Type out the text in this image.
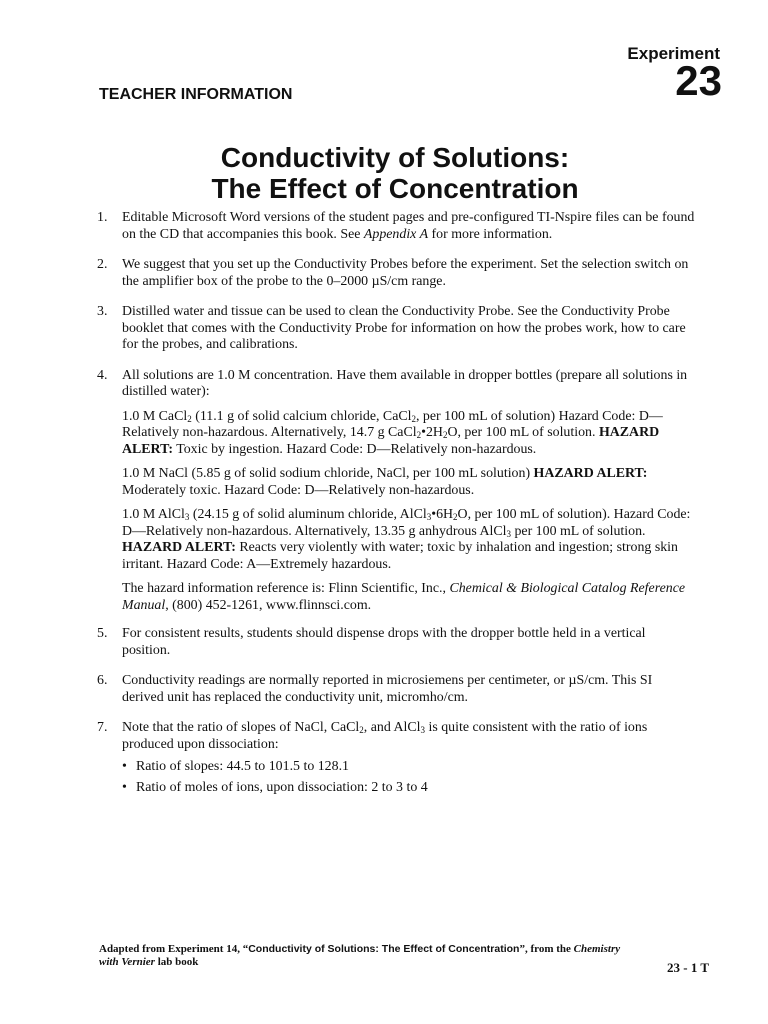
Experiment
23
TEACHER INFORMATION
Conductivity of Solutions:
The Effect of Concentration
1.	Editable Microsoft Word versions of the student pages and pre-configured TI-Nspire files can be found on the CD that accompanies this book. See Appendix A for more information.
2.	We suggest that you set up the Conductivity Probes before the experiment. Set the selection switch on the amplifier box of the probe to the 0–2000 µS/cm range.
3.	Distilled water and tissue can be used to clean the Conductivity Probe. See the Conductivity Probe booklet that comes with the Conductivity Probe for information on how the probes work, how to care for the probes, and calibrations.
4.	All solutions are 1.0 M concentration. Have them available in dropper bottles (prepare all solutions in distilled water):

1.0 M CaCl$_2$ (11.1 g of solid calcium chloride, CaCl$_2$, per 100 mL of solution) Hazard Code: D—Relatively non-hazardous. Alternatively, 14.7 g $CaCl_2•2H_2O$, per 100 mL of solution. HAZARD ALERT: Toxic by ingestion. Hazard Code: D—Relatively non-hazardous.

1.0 M NaCl (5.85 g of solid sodium chloride, NaCl, per 100 mL solution) HAZARD ALERT: Moderately toxic. Hazard Code: D—Relatively non-hazardous.

1.0 M AlCl$_3$ (24.15 g of solid aluminum chloride, $AlCl_3•6H_2O$, per 100 mL of solution). Hazard Code: D—Relatively non-hazardous. Alternatively, 13.35 g anhydrous AlCl$_3$ per 100 mL of solution. HAZARD ALERT: Reacts very violently with water; toxic by inhalation and ingestion; strong skin irritant. Hazard Code: A—Extremely hazardous.

The hazard information reference is: Flinn Scientific, Inc., Chemical & Biological Catalog Reference Manual, (800) 452-1261, www.flinnsci.com.

5.	For consistent results, students should dispense drops with the dropper bottle held in a vertical position.
6.	Conductivity readings are normally reported in microsiemens per centimeter, or µS/cm. This SI derived unit has replaced the conductivity unit, micromho/cm.
7.	Note that the ratio of slopes of NaCl, CaCl$_2$, and AlCl$_3$ is quite consistent with the ratio of ions produced upon dissociation:
• Ratio of slopes: 44.5 to 101.5 to 128.1
• Ratio of moles of ions, upon dissociation: 2 to 3 to 4
Adapted from Experiment 14, “Conductivity of Solutions: The Effect of Concentration”, from the Chemistry with Vernier lab book	23 - 1 T
